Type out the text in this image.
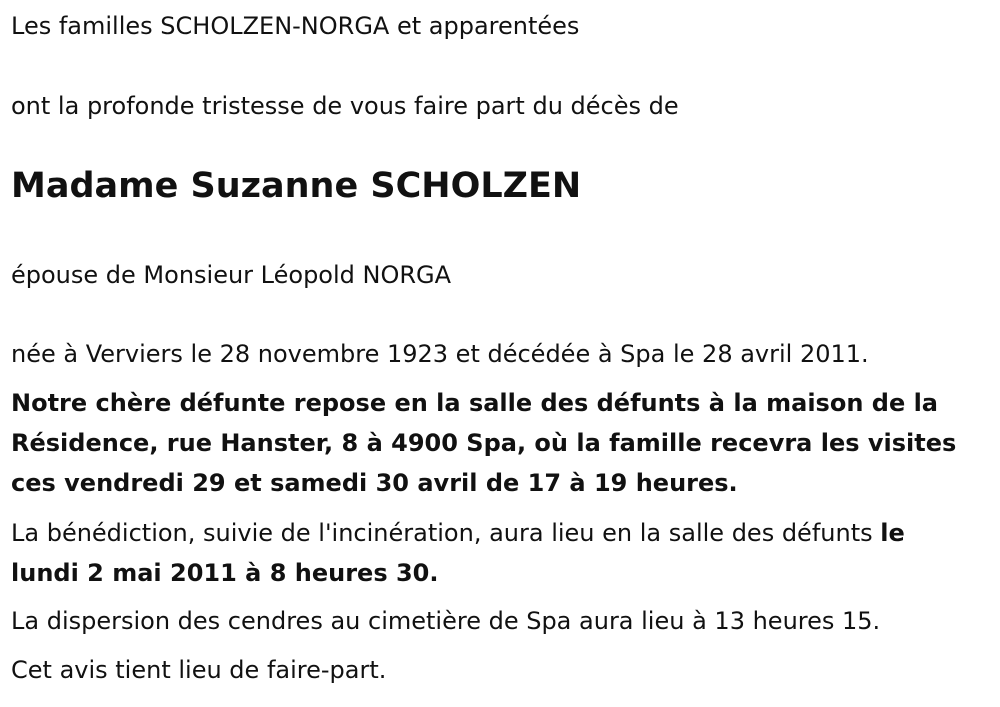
Les familles SCHOLZEN-NORGA et apparentées

ont la profonde tristesse de vous faire part du décès de

Madame Suzanne SCHOLZEN

épouse de Monsieur Léopold NORGA

née à Verviers le 28 novembre 1923 et décédée à Spa le 28 avril 2011.

Notre chère défunte repose en la salle des défunts à la maison de la
Résidence, rue Hanster, 8 à 4900 Spa, où la famille recevra les visites
ces vendredi 29 et samedi 30 avril de 17 à 19 heures.
La bénédiction, suivie de l'incinération, aura lieu en la salle des défunts le
lundi 2 mai 2011 à 8 heures 30.

La dispersion des cendres au cimetière de Spa aura lieu à 13 heures 15.

Cet avis tient lieu de faire-part.
